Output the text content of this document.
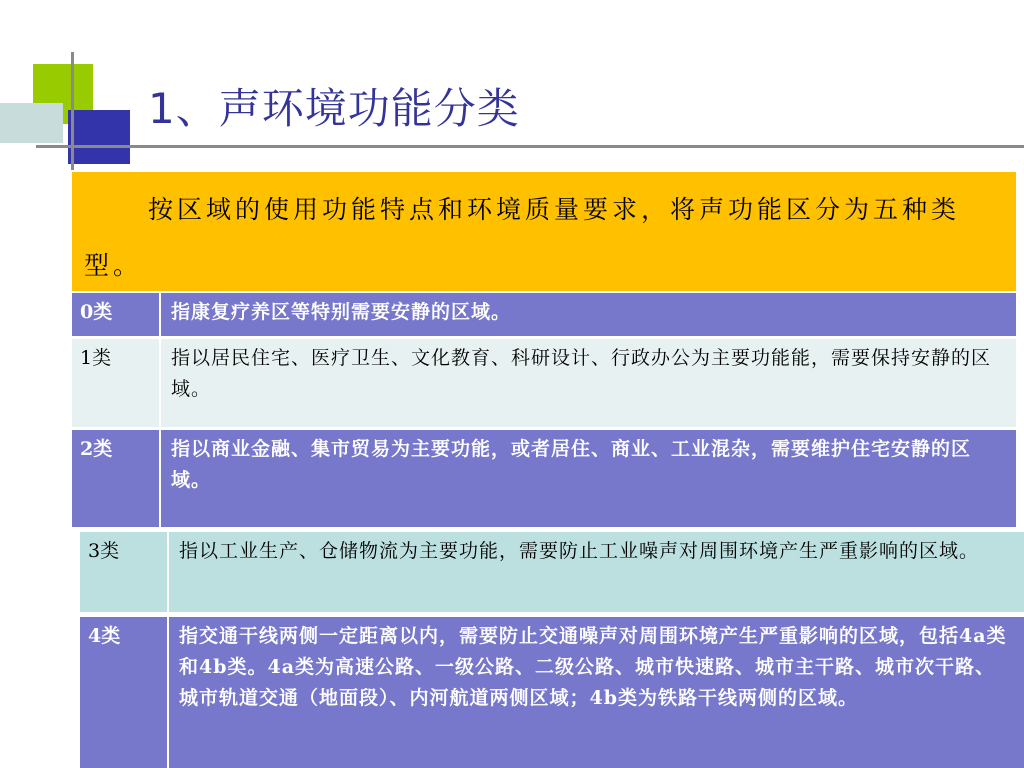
1、声环境功能分类
按区域的使用功能特点和环境质量要求，将声功能区分为五种类型。
0类	指康复疗养区等特别需要安静的区域。
1类	指以居民住宅、医疗卫生、文化教育、科研设计、行政办公为主要功能能，需要保持安静的区域。
2类	指以商业金融、集市贸易为主要功能，或者居住、商业、工业混杂，需要维护住宅安静的区域。
3类	指以工业生产、仓储物流为主要功能，需要防止工业噪声对周围环境产生严重影响的区域。
4类	指交通干线两侧一定距离以内，需要防止交通噪声对周围环境产生严重影响的区域，包括4a类和4b类。4a类为高速公路、一级公路、二级公路、城市快速路、城市主干路、城市次干路、城市轨道交通（地面段）、内河航道两侧区域；4b类为铁路干线两侧的区域。
